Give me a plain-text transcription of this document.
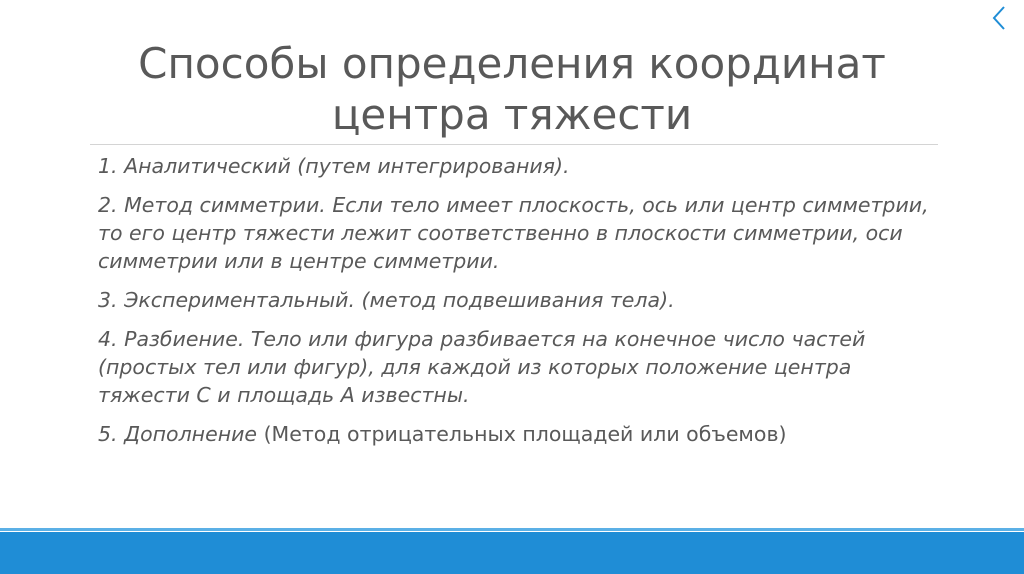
Способы определения координат
центра тяжести

1. Аналитический (путем интегрирования).

2. Метод симметрии. Если тело имеет плоскость, ось или центр симметрии, то его центр тяжести лежит соответственно в плоскости симметрии, оси симметрии или в центре симметрии.

3. Экспериментальный. (метод подвешивания тела).

4. Разбиение. Тело или фигура разбивается на конечное число частей (простых тел или фигур), для каждой из которых положение центра тяжести С и площадь А известны.

5. Дополнение (Метод отрицательных площадей или объемов)
